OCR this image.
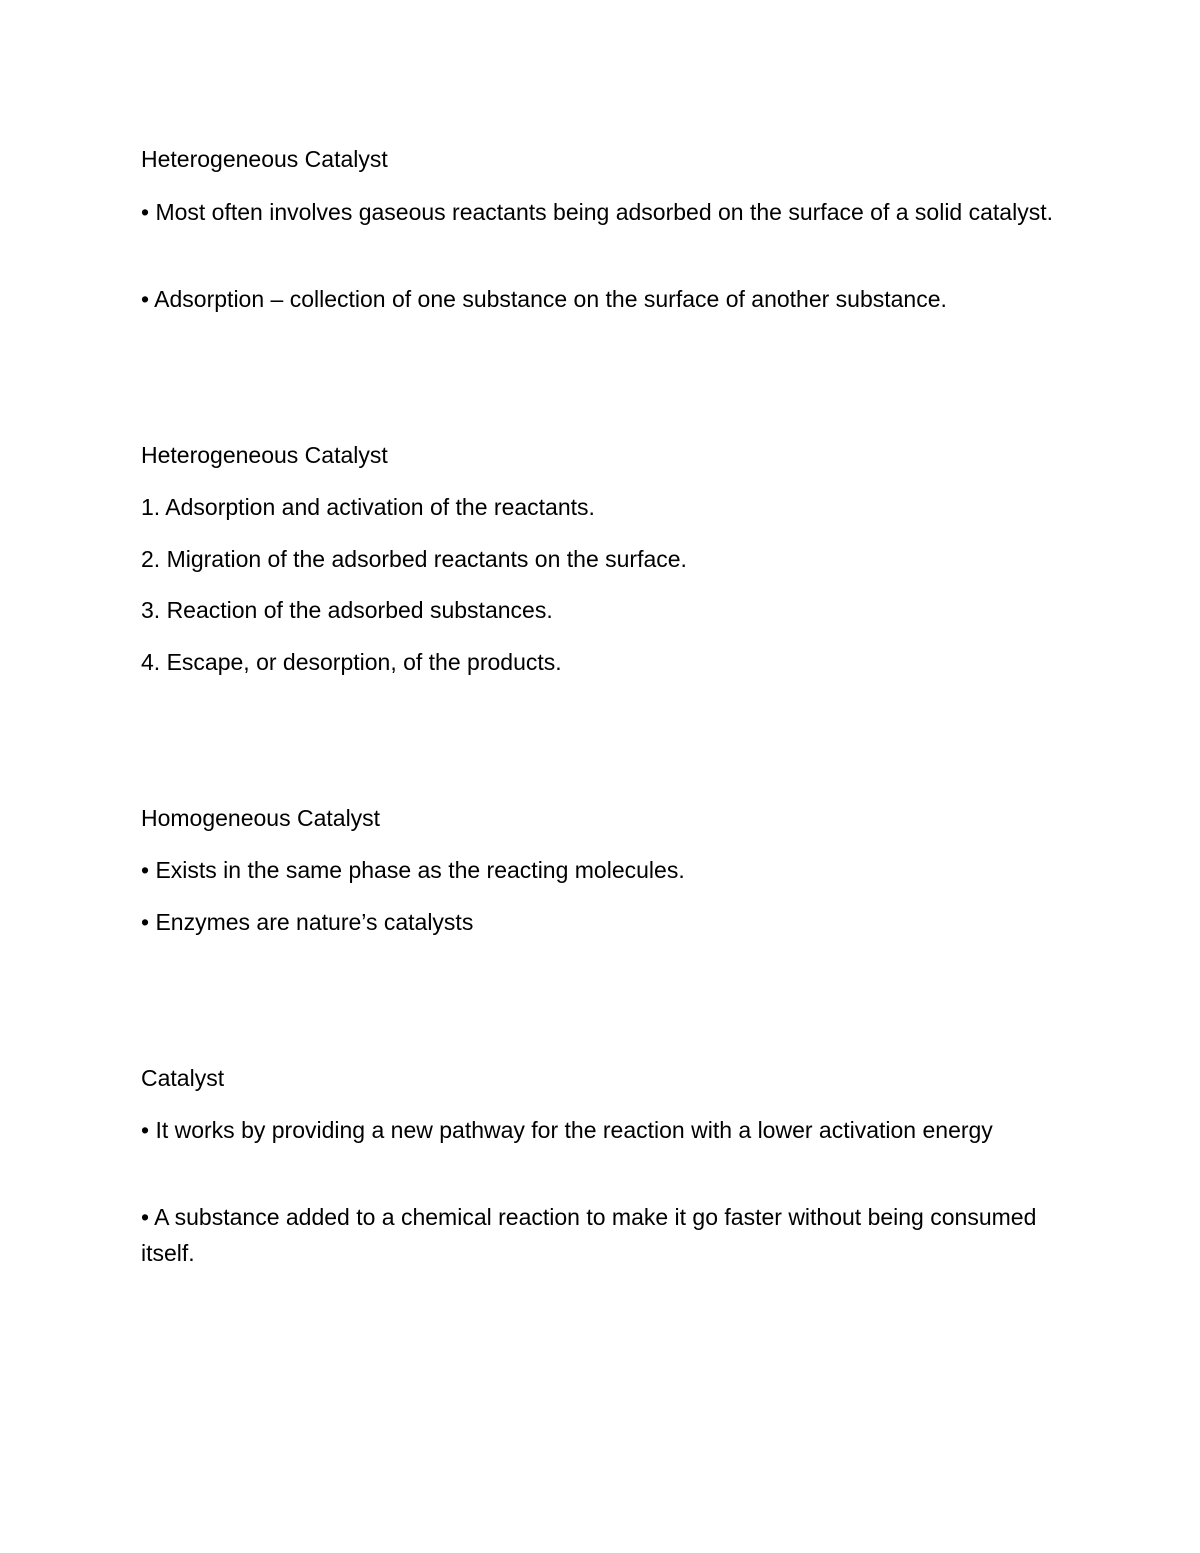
Heterogeneous Catalyst
• Most often involves gaseous reactants being adsorbed on the surface of a solid catalyst.
• Adsorption – collection of one substance on the surface of another substance.
Heterogeneous Catalyst
1. Adsorption and activation of the reactants.
2. Migration of the adsorbed reactants on the surface.
3. Reaction of the adsorbed substances.
4. Escape, or desorption, of the products.
Homogeneous Catalyst
• Exists in the same phase as the reacting molecules.
• Enzymes are nature’s catalysts
Catalyst
• It works by providing a new pathway for the reaction with a lower activation energy
• A substance added to a chemical reaction to make it go faster without being consumed itself.
